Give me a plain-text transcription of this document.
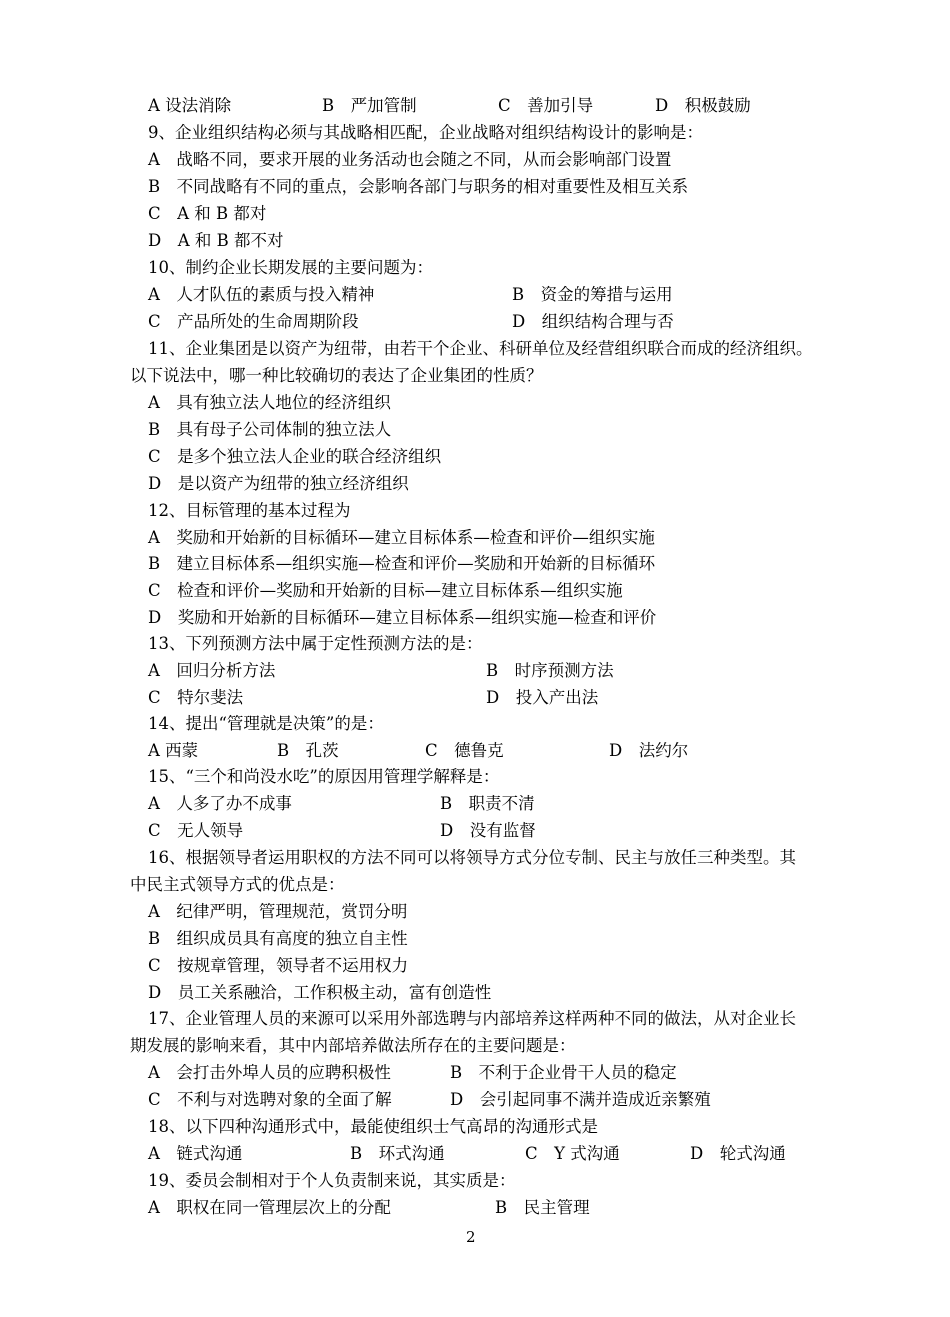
A 设法消除	B　严加管制	C　善加引导	D　积极鼓励
9、企业组织结构必须与其战略相匹配，企业战略对组织结构设计的影响是：
A　战略不同，要求开展的业务活动也会随之不同，从而会影响部门设置
B　不同战略有不同的重点，会影响各部门与职务的相对重要性及相互关系
C　A 和 B 都对
D　A 和 B 都不对
10、制约企业长期发展的主要问题为：
A　人才队伍的素质与投入精神	B　资金的筹措与运用
C　产品所处的生命周期阶段	D　组织结构合理与否
11、企业集团是以资产为纽带，由若干个企业、科研单位及经营组织联合而成的经济组织。
以下说法中，哪一种比较确切的表达了企业集团的性质？
A　具有独立法人地位的经济组织
B　具有母子公司体制的独立法人
C　是多个独立法人企业的联合经济组织
D　是以资产为纽带的独立经济组织
12、目标管理的基本过程为
A　奖励和开始新的目标循环—建立目标体系—检查和评价—组织实施
B　建立目标体系—组织实施—检查和评价—奖励和开始新的目标循环
C　检查和评价—奖励和开始新的目标—建立目标体系—组织实施
D　奖励和开始新的目标循环—建立目标体系—组织实施—检查和评价
13、下列预测方法中属于定性预测方法的是：
A　回归分析方法	B　时序预测方法
C　特尔斐法	D　投入产出法
14、提出“管理就是决策”的是：
A 西蒙	B　孔茨	C　德鲁克	D　法约尔
15、“三个和尚没水吃”的原因用管理学解释是：
A　人多了办不成事	B　职责不清
C　无人领导	D　没有监督
16、根据领导者运用职权的方法不同可以将领导方式分位专制、民主与放任三种类型。其
中民主式领导方式的优点是：
A　纪律严明，管理规范，赏罚分明
B　组织成员具有高度的独立自主性
C　按规章管理，领导者不运用权力
D　员工关系融洽，工作积极主动，富有创造性
17、企业管理人员的来源可以采用外部选聘与内部培养这样两种不同的做法，从对企业长
期发展的影响来看，其中内部培养做法所存在的主要问题是：
A　会打击外埠人员的应聘积极性	B　不利于企业骨干人员的稳定
C　不利与对选聘对象的全面了解	D　会引起同事不满并造成近亲繁殖
18、以下四种沟通形式中，最能使组织士气高昂的沟通形式是
A　链式沟通	B　环式沟通	C　Y 式沟通	D　轮式沟通
19、委员会制相对于个人负责制来说，其实质是：
A　职权在同一管理层次上的分配	B　民主管理
2
